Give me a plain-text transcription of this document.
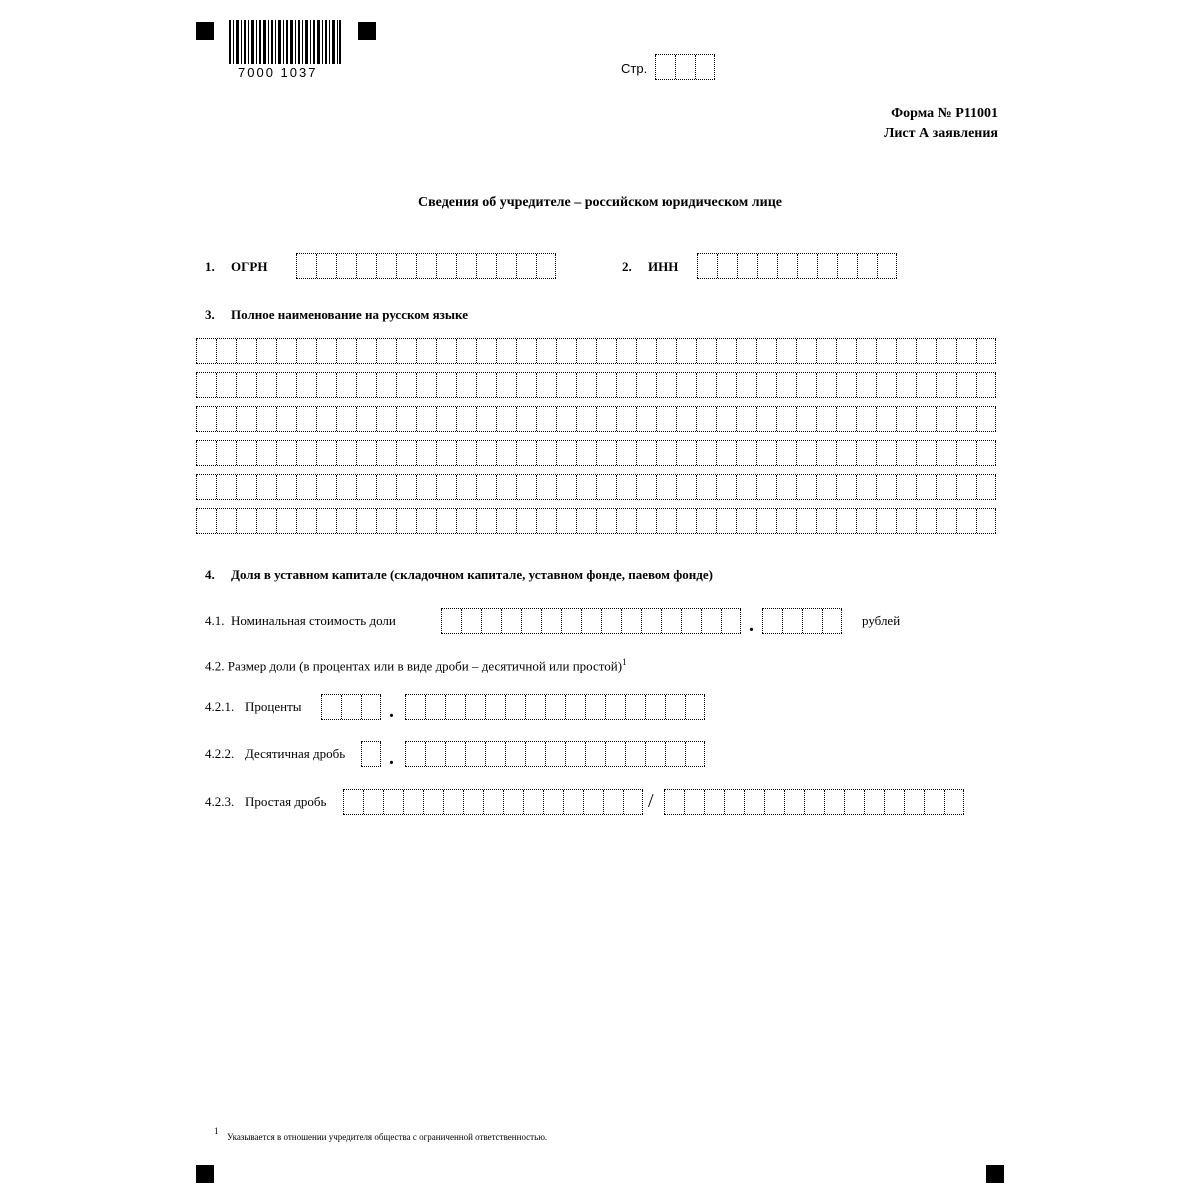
7000 1037	Стр.
Форма № Р11001
Лист А заявления
Сведения об учредителе – российском юридическом лице
1. ОГРН	2. ИНН
3. Полное наименование на русском языке
4. Доля в уставном капитале (складочном капитале, уставном фонде, паевом фонде)
4.1. Номинальная стоимость доли	.	рублей
4.2. Размер доли (в процентах или в виде дроби – десятичной или простой)$^1$
4.2.1. Проценты	.
4.2.2. Десятичная дробь .
4.2.3. Простая дробь	/
1
Указывается в отношении учредителя общества с ограниченной ответственностью.
